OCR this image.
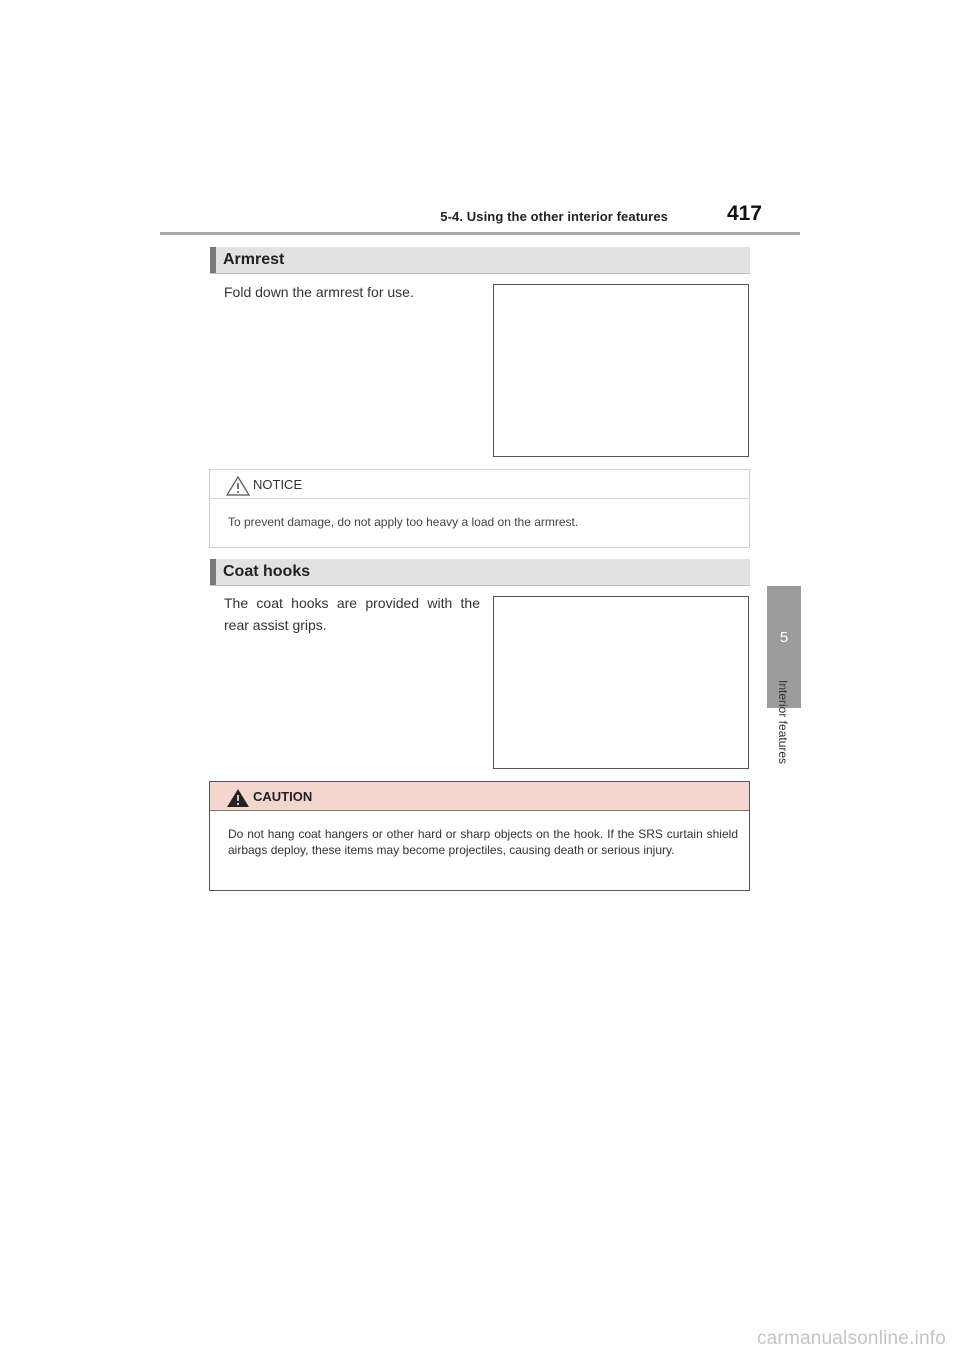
5-4. Using the other interior features	417
5
Interior features
Armrest
Fold down the armrest for use.
NOTICE
To prevent damage, do not apply too heavy a load on the armrest.
Coat hooks
The coat hooks are provided with the rear assist grips.
CAUTION
Do not hang coat hangers or other hard or sharp objects on the hook. If the SRS curtain shield airbags deploy, these items may become projectiles, causing death or serious injury.
carmanualsonline.info
